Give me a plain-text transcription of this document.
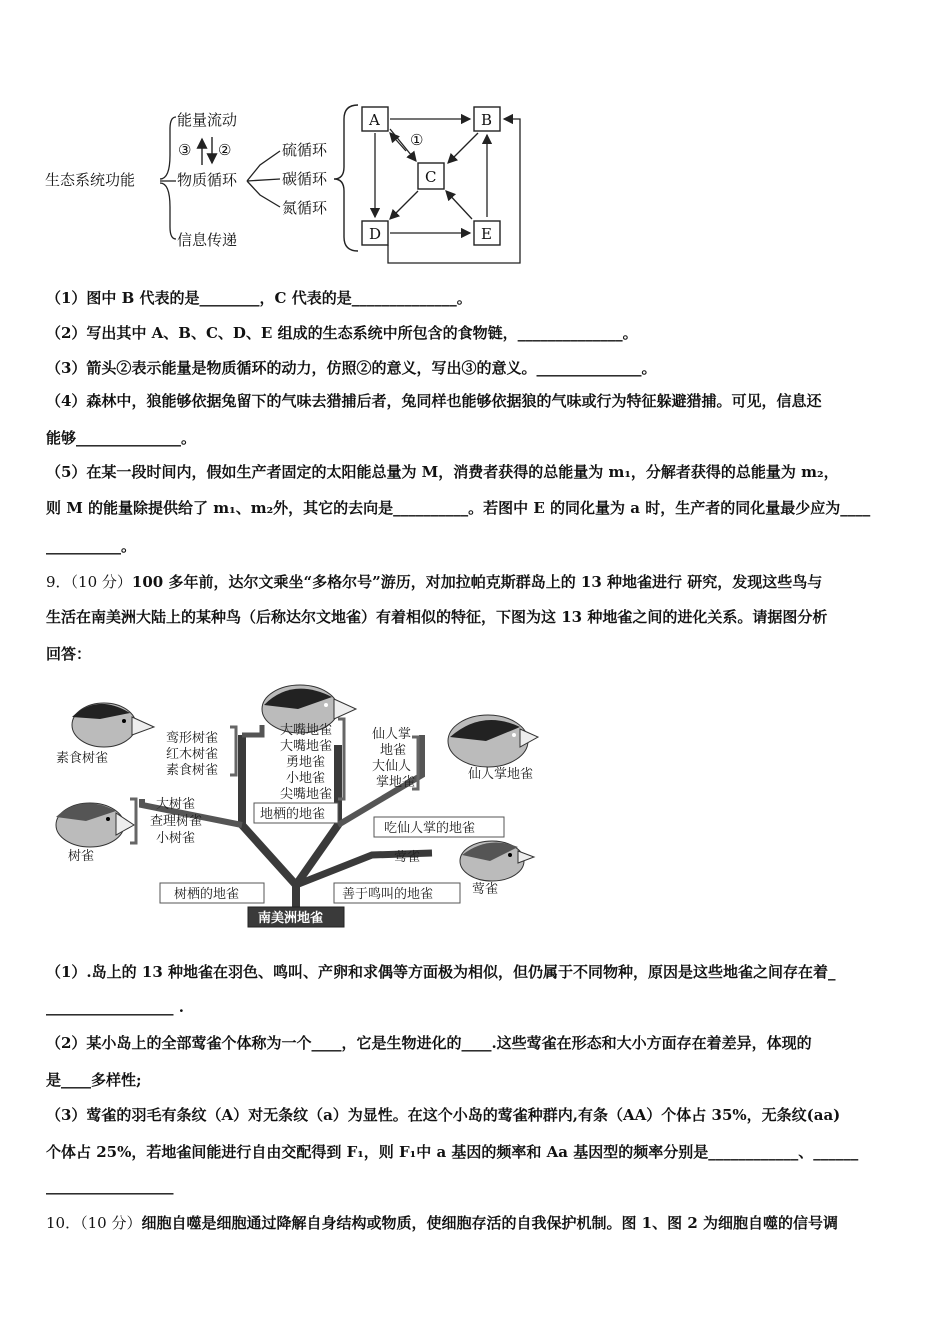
生态系统功能
能量流动
物质循环
信息传递
③ ②	硫循环
碳循环
氮循环
A	B
C
D	E
①
（1）图中 B 代表的是________，C 代表的是______________。
（2）写出其中 A、B、C、D、E 组成的生态系统中所包含的食物链，______________。
（3）箭头②表示能量是物质循环的动力，仿照②的意义，写出③的意义。______________。
（4）森林中，狼能够依据兔留下的气味去猎捕后者，兔同样也能够依据狼的气味或行为特征躲避猎捕。可见，信息还
能够______________。
（5）在某一段时间内，假如生产者固定的太阳能总量为 M，消费者获得的总能量为 m₁，分解者获得的总能量为 m₂，
则 M 的能量除提供给了 m₁、m₂外，其它的去向是__________。若图中 E 的同化量为 a 时，生产者的同化量最少应为____
__________。
9．（10 分）100 多年前，达尔文乘坐“多格尔号”游历，对加拉帕克斯群岛上的 13 种地雀进行 研究，发现这些鸟与
生活在南美洲大陆上的某种鸟（后称达尔文地雀）有着相似的特征，下图为这 13 种地雀之间的进化关系。请据图分析
回答：
素食树雀
树雀
仙人掌地雀
莺雀
鸾形树雀
红木树雀
素食树雀
大树雀
查理树雀
小树雀
大嘴地雀
大嘴地雀
勇地雀
小地雀
尖嘴地雀
仙人掌
地雀
大仙人
掌地雀
莺雀
地栖的地雀
吃仙人掌的地雀
树栖的地雀	善于鸣叫的地雀
南美洲地雀
（1）.岛上的 13 种地雀在羽色、鸣叫、产卵和求偶等方面极为相似，但仍属于不同物种，原因是这些地雀之间存在着_
_________________ .
（2）某小岛上的全部莺雀个体称为一个____，它是生物进化的____.这些莺雀在形态和大小方面存在着差异，体现的
是____多样性;
（3）莺雀的羽毛有条纹（A）对无条纹（a）为显性。在这个小岛的莺雀种群内,有条（AA）个体占 35%，无条纹(aa)
个体占 25%，若地雀间能进行自由交配得到 F₁，则 F₁中 a 基因的频率和 Aa 基因型的频率分别是____________、______
_________________
10．（10 分）细胞自噬是细胞通过降解自身结构或物质，使细胞存活的自我保护机制。图 1、图 2 为细胞自噬的信号调
